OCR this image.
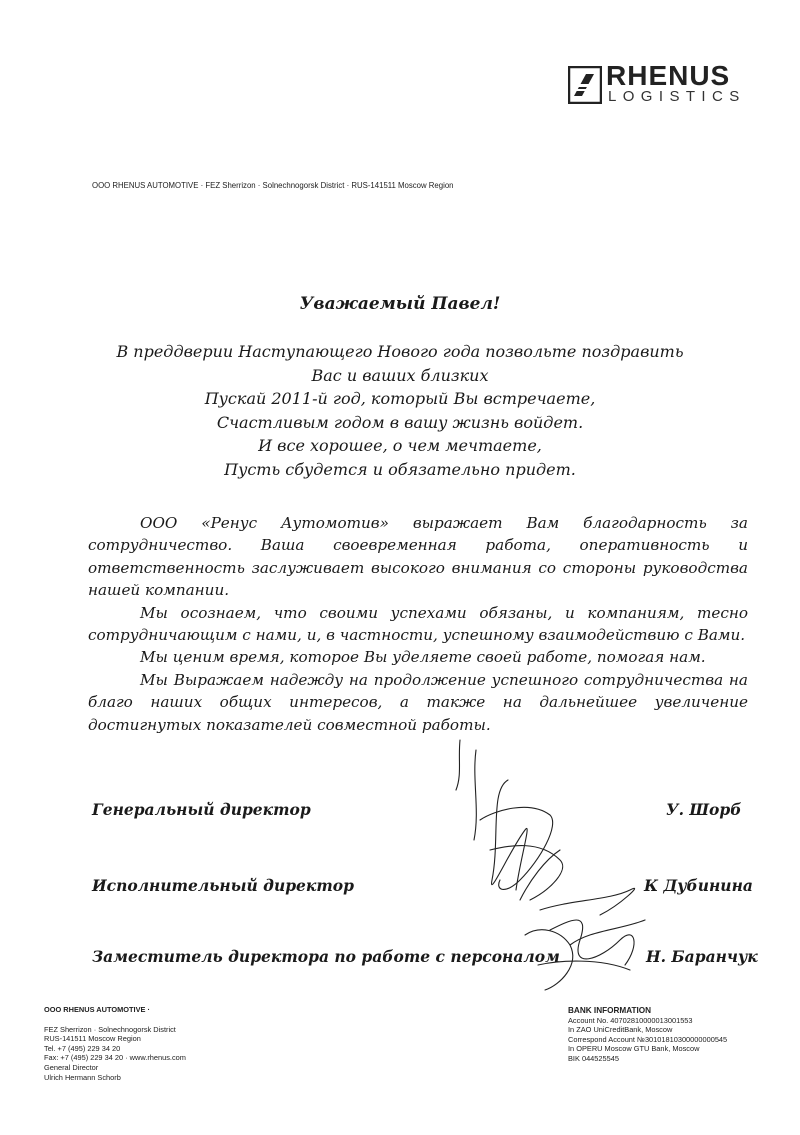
RHENUS
LOGISTICS
OOO RHENUS AUTOMOTIVE · FEZ Sherrizon · Solnechnogorsk District · RUS-141511 Moscow Region
Уважаемый Павел!
В преддверии Наступающего Нового года позвольте поздравить
Вас и ваших близких
Пускай 2011-й год, который Вы встречаете,
Счастливым годом в вашу жизнь войдет.
И все хорошее, о чем мечтаете,
Пусть сбудется и обязательно придет.

ООО «Ренус Аутомотив» выражает Вам благодарность за сотрудничество. Ваша своевременная работа, оперативность и ответственность заслуживает высокого внимания со стороны руководства нашей компании.

Мы осознаем, что своими успехами обязаны, и компаниям, тесно сотрудничающим с нами, и, в частности, успешному взаимодействию с Вами.

Мы ценим время, которое Вы уделяете своей работе, помогая нам.

Мы Выражаем надежду на продолжение успешного сотрудничества на благо наших общих интересов, а также на дальнейшее увеличение достигнутых показателей совместной работы.

Генеральный директор	У. Шорб
Исполнительный директор	К Дубинина
Заместитель директора по работе с персоналом	Н. Баранчук
OOO RHENUS AUTOMOTIVE ·
FEZ Sherrizon · Solnechnogorsk District
RUS-141511 Moscow Region
Tel. +7 (495) 229 34 20
Fax: +7 (495) 229 34 20 · www.rhenus.com
General Director
Ulrich Hermann Schorb
BANK INFORMATION
Account No. 40702810000013001553
In ZAO UniCreditBank, Moscow
Correspond Account №30101810300000000545
In OPERU Moscow GTU Bank, Moscow
BIK 044525545
